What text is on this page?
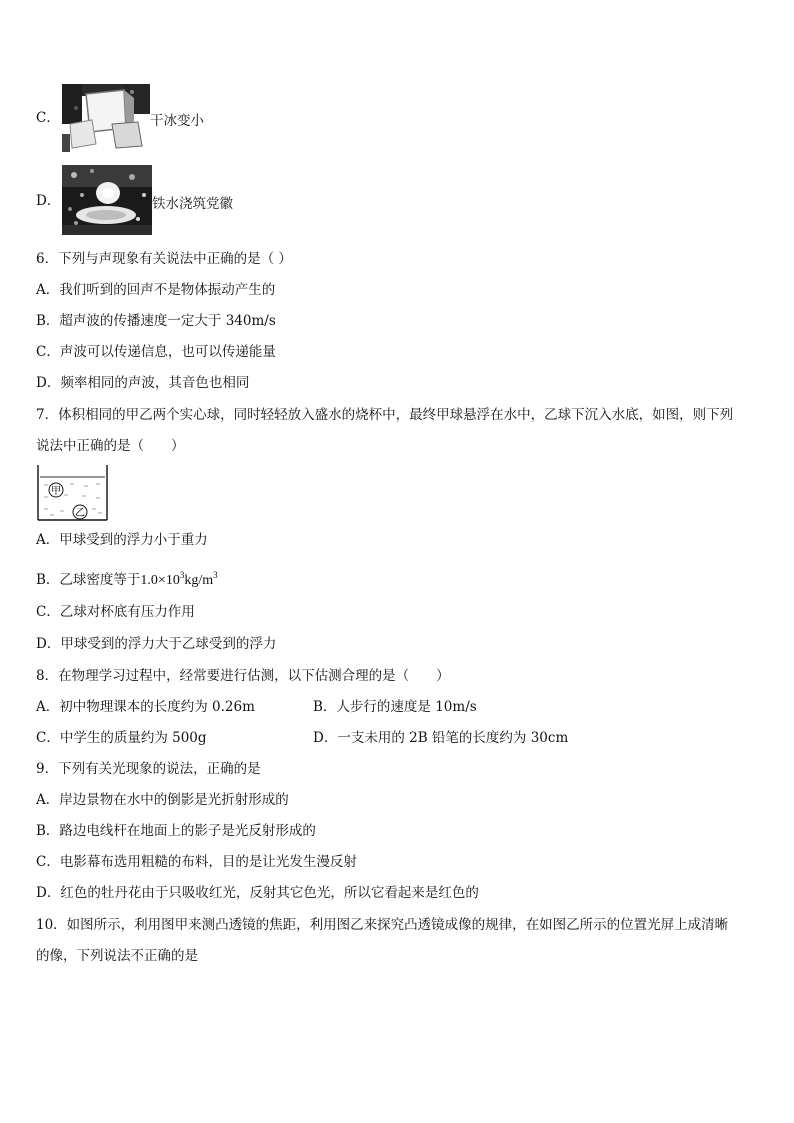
C．	干冰变小
D．	铁水浇筑党徽
6．下列与声现象有关说法中正确的是（ ）
A．我们听到的回声不是物体振动产生的
B．超声波的传播速度一定大于 340m/s
C．声波可以传递信息，也可以传递能量
D．频率相同的声波，其音色也相同
7．体积相同的甲乙两个实心球，同时轻轻放入盛水的烧杯中，最终甲球悬浮在水中，乙球下沉入水底，如图，则下列
说法中正确的是（　　）
甲
乙
A．甲球受到的浮力小于重力
B．乙球密度等于$1.0\times 10^3kg/m^3$
C．乙球对杯底有压力作用
D．甲球受到的浮力大于乙球受到的浮力
8．在物理学习过程中，经常要进行估测，以下估测合理的是（　　）
A．初中物理课本的长度约为 0.26m	B．人步行的速度是 10m/s
C．中学生的质量约为 500g	D．一支未用的 2B 铅笔的长度约为 30cm
9．下列有关光现象的说法，正确的是
A．岸边景物在水中的倒影是光折射形成的
B．路边电线杆在地面上的影子是光反射形成的
C．电影幕布选用粗糙的布料，目的是让光发生漫反射
D．红色的牡丹花由于只吸收红光，反射其它色光，所以它看起来是红色的
10．如图所示，利用图甲来测凸透镜的焦距，利用图乙来探究凸透镜成像的规律，在如图乙所示的位置光屏上成清晰
的像，下列说法不正确的是
